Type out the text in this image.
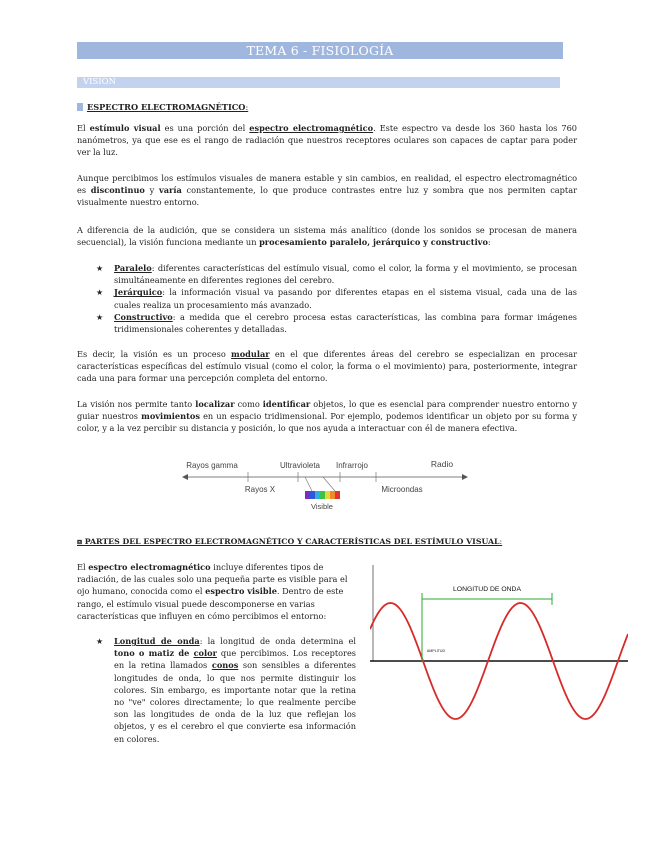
TEMA 6 - FISIOLOGÍA
VISIÓN
ESPECTRO ELECTROMAGNÉTICO:

El estímulo visual es una porción del espectro electromagnético. Este espectro va desde los 360 hasta los 760 nanómetros, ya que ese es el rango de radiación que nuestros receptores oculares son capaces de captar para poder ver la luz.

Aunque percibimos los estímulos visuales de manera estable y sin cambios, en realidad, el espectro electromagnético es discontinuo y varía constantemente, lo que produce contrastes entre luz y sombra que nos permiten captar visualmente nuestro entorno.

A diferencia de la audición, que se considera un sistema más analítico (donde los sonidos se procesan de manera secuencial), la visión funciona mediante un procesamiento paralelo, jerárquico y constructivo:

★ Paralelo: diferentes características del estímulo visual, como el color, la forma y el movimiento, se procesan simultáneamente en diferentes regiones del cerebro.
★ Jerárquico: la información visual va pasando por diferentes etapas en el sistema visual, cada una de las cuales realiza un procesamiento más avanzado.
★ Constructivo: a medida que el cerebro procesa estas características, las combina para formar imágenes tridimensionales coherentes y detalladas.

Es decir, la visión es un proceso modular en el que diferentes áreas del cerebro se especializan en procesar características específicas del estímulo visual (como el color, la forma o el movimiento) para, posteriormente, integrar cada una para formar una percepción completa del entorno.

La visión nos permite tanto localizar como identificar objetos, lo que es esencial para comprender nuestro entorno y guiar nuestros movimientos en un espacio tridimensional. Por ejemplo, podemos identificar un objeto por su forma y color, y a la vez percibir su distancia y posición, lo que nos ayuda a interactuar con él de manera efectiva.

Rayos gamma	Ultravioleta Infrarrojo	Radio
Rayos X
Visible
Microondas
⧈ PARTES DEL ESPECTRO ELECTROMAGNÉTICO Y CARACTERÍSTICAS DEL ESTÍMULO VISUAL:

El espectro electromagnético incluye diferentes tipos de radiación, de las cuales solo una pequeña parte es visible para el ojo humano, conocida como el espectro visible. Dentro de este rango, el estímulo visual puede descomponerse en varias características que influyen en cómo percibimos el entorno:

★ Longitud de onda: la longitud de onda determina el tono o matiz de color que percibimos. Los receptores en la retina llamados conos son sensibles a diferentes longitudes de onda, lo que nos permite distinguir los colores. Sin embargo, es importante notar que la retina no "ve" colores directamente; lo que realmente percibe son las longitudes de onda de la luz que reflejan los objetos, y es el cerebro el que convierte esa información en colores.
LONGITUD DE ONDA
AMPLITUD
